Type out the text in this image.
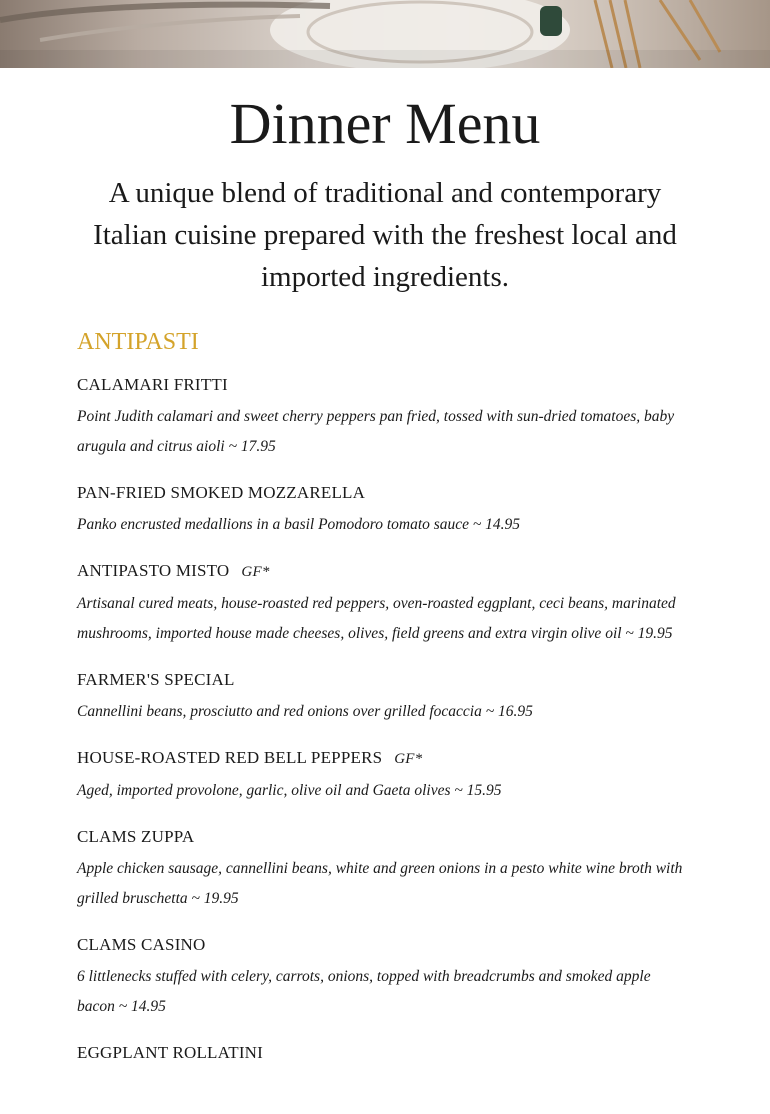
Dinner Menu

A unique blend of traditional and contemporary Italian cuisine prepared with the freshest local and imported ingredients.

ANTIPASTI
CALAMARI FRITTI

Point Judith calamari and sweet cherry peppers pan fried, tossed with sun-dried tomatoes, baby arugula and citrus aioli ~ 17.95

PAN-FRIED SMOKED MOZZARELLA

Panko encrusted medallions in a basil Pomodoro tomato sauce ~ 14.95

ANTIPASTO MISTO GF*

Artisanal cured meats, house-roasted red peppers, oven-roasted eggplant, ceci beans, marinated mushrooms, imported house made cheeses, olives, field greens and extra virgin olive oil ~ 19.95

FARMER'S SPECIAL

Cannellini beans, prosciutto and red onions over grilled focaccia ~ 16.95

HOUSE-ROASTED RED BELL PEPPERS GF*

Aged, imported provolone, garlic, olive oil and Gaeta olives ~ 15.95

CLAMS ZUPPA

Apple chicken sausage, cannellini beans, white and green onions in a pesto white wine broth with grilled bruschetta ~ 19.95

CLAMS CASINO

6 littlenecks stuffed with celery, carrots, onions, topped with breadcrumbs and smoked apple bacon ~ 14.95

EGGPLANT ROLLATINI
